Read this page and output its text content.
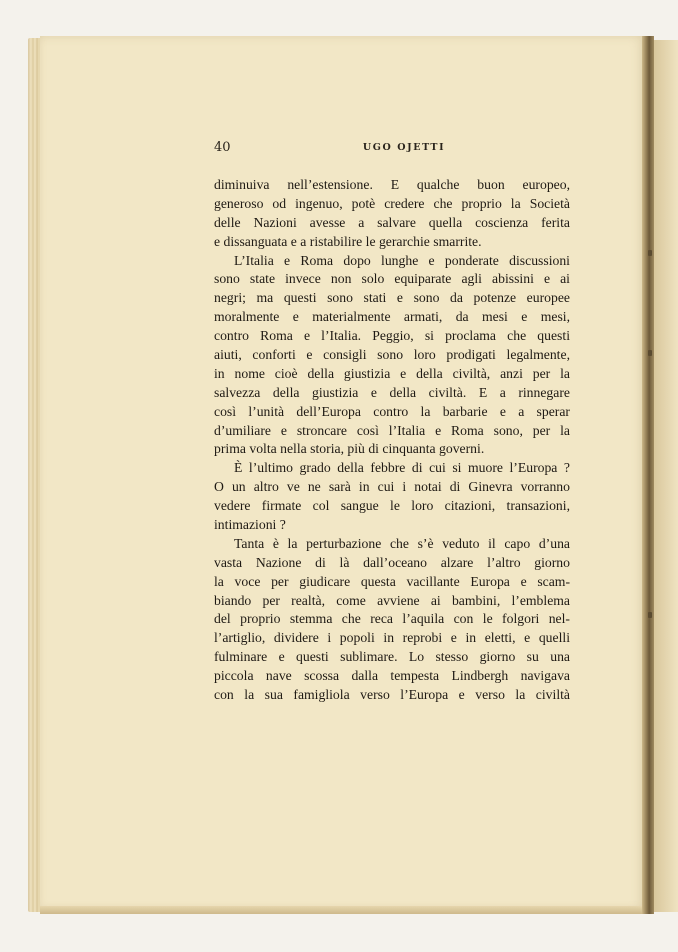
40	UGO OJETTI
diminuiva nell’estensione. E qualche buon europeo,
generoso od ingenuo, potè credere che proprio la Società
delle Nazioni avesse a salvare quella coscienza ferita
e dissanguata e a ristabilire le gerarchie smarrite.
L’Italia e Roma dopo lunghe e ponderate discussioni
sono state invece non solo equiparate agli abissini e ai
negri; ma questi sono stati e sono da potenze europee
moralmente e materialmente armati, da mesi e mesi,
contro Roma e l’Italia. Peggio, si proclama che questi
aiuti, conforti e consigli sono loro prodigati legalmente,
in nome cioè della giustizia e della civiltà, anzi per la
salvezza della giustizia e della civiltà. E a rinnegare
così l’unità dell’Europa contro la barbarie e a sperar
d’umiliare e stroncare così l’Italia e Roma sono, per la
prima volta nella storia, più di cinquanta governi.
È l’ultimo grado della febbre di cui si muore l’Europa ?
O un altro ve ne sarà in cui i notai di Ginevra vorranno
vedere firmate col sangue le loro citazioni, transazioni,
intimazioni ?
Tanta è la perturbazione che s’è veduto il capo d’una
vasta Nazione di là dall’oceano alzare l’altro giorno
la voce per giudicare questa vacillante Europa e scam-
biando per realtà, come avviene ai bambini, l’emblema
del proprio stemma che reca l’aquila con le folgori nel-
l’artiglio, dividere i popoli in reprobi e in eletti, e quelli
fulminare e questi sublimare. Lo stesso giorno su una
piccola nave scossa dalla tempesta Lindbergh navigava
con la sua famigliola verso l’Europa e verso la civiltà
